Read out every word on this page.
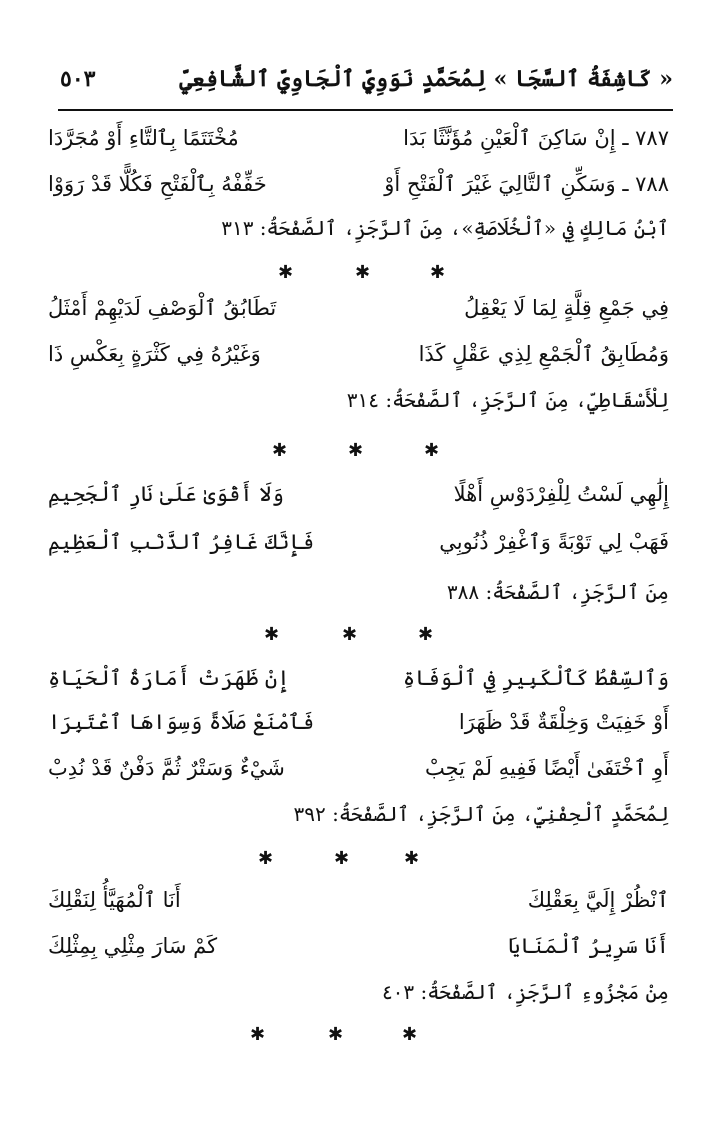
« كَاشِفَةُ ٱلسَّجَا » لِمُحَمَّدٍ نَوَوِيٍّ ٱلْجَاوِيِّ ٱلشَّافِعِيِّ
٥٠٣
٧٨٧ ـ إِنْ سَاكِنَ ٱلْعَيْنِ مُؤَنَّثًا بَدَا
مُخْتَتَمًا بِٱلتَّاءِ أَوْ مُجَرَّدَا
٧٨٨ ـ وَسَكِّنِ ٱلتَّالِيَ غَيْرَ ٱلْفَتْحِ أَوْ
خَفِّفْهُ بِٱلْفَتْحِ فَكُلًّا قَدْ رَوَوْا
ٱبْنُ مَالِكٍ فِي «ٱلْخُلَاصَةِ»، مِنَ ٱلرَّجَزِ، ٱلصَّفْحَةُ: ٣١٣
✱	✱	✱
فِي جَمْعِ قِلَّةٍ لِمَا لَا يَعْقِلُ
تَطَابُقُ ٱلْوَصْفِ لَدَيْهِمْ أَمْثَلُ
وَمُطَابِقُ ٱلْجَمْعِ لِذِي عَقْلٍ كَذَا
وَغَيْرُهُ فِي كَثْرَةٍ بِعَكْسِ ذَا
لِلْأَسْقَاطِيِّ، مِنَ ٱلرَّجَزِ، ٱلصَّفْحَةُ: ٣١٤
✱	✱	✱
إِلَٰهِي لَسْتُ لِلْفِرْدَوْسِ أَهْلًا
وَلَا أَقْوَىٰ عَلَىٰ نَارِ ٱلْجَحِيمِ
فَهَبْ لِي تَوْبَةً وَٱغْفِرْ ذُنُوبِي
فَإِنَّكَ غَافِرُ ٱلذَّنْبِ ٱلْعَظِيمِ
مِنَ ٱلرَّجَزِ، ٱلصَّفْحَةُ: ٣٨٨
✱	✱	✱
وَٱلسِّقْطُ كَٱلْكَبِيرِ فِي ٱلْوَفَاةِ
إِنْ ظَهَرَتْ أَمَارَةُ ٱلْحَيَاةِ
أَوْ خَفِيَتْ وَخِلْقَةٌ قَدْ ظَهَرَا
فَٱمْنَعْ صَلَاةً وَسِوَاهَا ٱعْتَبِرَا
أَوِ ٱخْتَفَىٰ أَيْضًا فَفِيهِ لَمْ يَجِبْ
شَيْءٌ وَسَتْرٌ ثُمَّ دَفْنٌ قَدْ نُدِبْ
لِمُحَمَّدٍ ٱلْحِفْنِيِّ، مِنَ ٱلرَّجَزِ، ٱلصَّفْحَةُ: ٣٩٢
✱	✱	✱
ٱنْظُرْ إِلَيَّ بِعَقْلِكَ
أَنَا ٱلْمُهَيَّأُ لِنَقْلِكَ
أَنَا سَرِيرُ ٱلْمَنَايَا
كَمْ سَارَ مِثْلِي بِمِثْلِكَ
مِنْ مَجْزُوءِ ٱلرَّجَزِ، ٱلصَّفْحَةُ: ٤٠٣
✱	✱	✱
